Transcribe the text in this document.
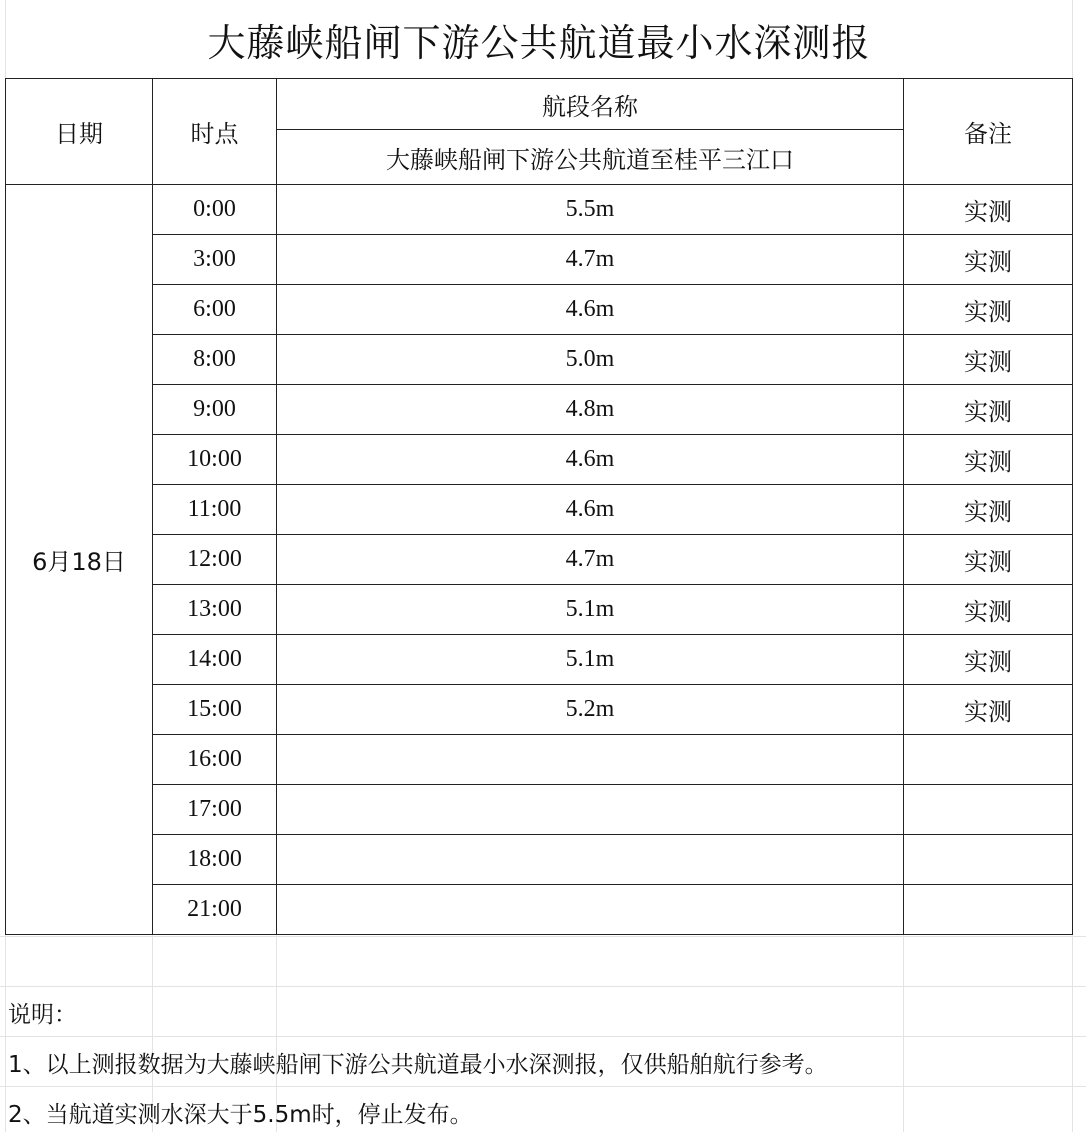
大藤峡船闸下游公共航道最小水深测报
日期	时点	航段名称	备注
		大藤峡船闸下游公共航道至桂平三江口	
6月18日	0:00	5.5m	实测
	3:00	4.7m	实测
	6:00	4.6m	实测
	8:00	5.0m	实测
	9:00	4.8m	实测
	10:00	4.6m	实测
	11:00	4.6m	实测
	12:00	4.7m	实测
	13:00	5.1m	实测
	14:00	5.1m	实测
	15:00	5.2m	实测
	16:00		
	17:00		
	18:00		
	21:00		
说明：
1、以上测报数据为大藤峡船闸下游公共航道最小水深测报，仅供船舶航行参考。
2、当航道实测水深大于5.5m时，停止发布。
